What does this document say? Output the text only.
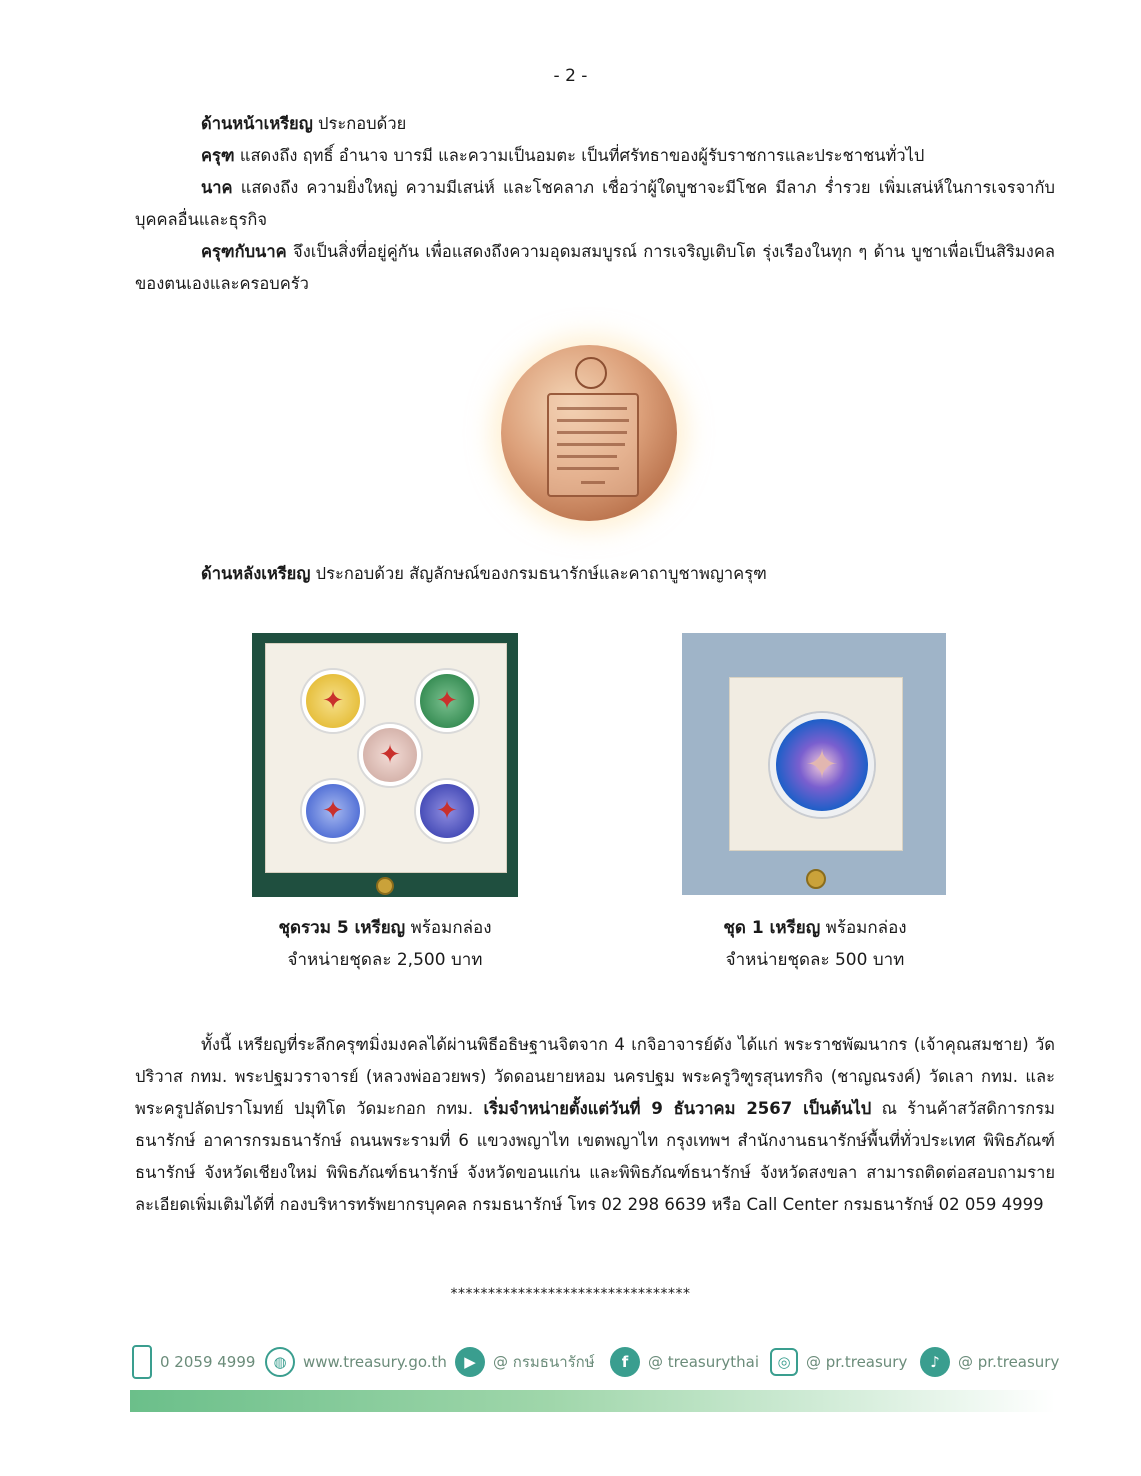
- 2 -
ด้านหน้าเหรียญ ประกอบด้วย
ครุฑ แสดงถึง ฤทธิ์ อำนาจ บารมี และความเป็นอมตะ เป็นที่ศรัทธาของผู้รับราชการและประชาชนทั่วไป
นาค แสดงถึง ความยิ่งใหญ่ ความมีเสน่ห์ และโชคลาภ เชื่อว่าผู้ใดบูชาจะมีโชค มีลาภ ร่ำรวย เพิ่มเสน่ห์ในการเจรจากับบุคคลอื่นและธุรกิจ
ครุฑกับนาค จึงเป็นสิ่งที่อยู่คู่กัน เพื่อแสดงถึงความอุดมสมบูรณ์ การเจริญเติบโต รุ่งเรืองในทุก ๆ ด้าน บูชาเพื่อเป็นสิริมงคลของตนเองและครอบครัว
ด้านหลังเหรียญ ประกอบด้วย สัญลักษณ์ของกรมธนารักษ์และคาถาบูชาพญาครุฑ
✦	✦
✦
✦	✦
✦
ชุดรวม 5 เหรียญ พร้อมกล่อง
จำหน่ายชุดละ 2,500 บาท
ชุด 1 เหรียญ พร้อมกล่อง
จำหน่ายชุดละ 500 บาท
ทั้งนี้ เหรียญที่ระลึกครุฑมิ่งมงคลได้ผ่านพิธีอธิษฐานจิตจาก 4 เกจิอาจารย์ดัง ได้แก่ พระราชพัฒนากร (เจ้าคุณสมชาย) วัดปริวาส กทม. พระปฐมวราจารย์ (หลวงพ่ออวยพร) วัดดอนยายหอม นครปฐม พระครูวิฑูรสุนทรกิจ (ชาญณรงค์) วัดเลา กทม. และพระครูปลัดปราโมทย์ ปมุทิโต วัดมะกอก กทม. เริ่มจำหน่ายตั้งแต่วันที่ 9 ธันวาคม 2567 เป็นต้นไป ณ ร้านค้าสวัสดิการกรมธนารักษ์ อาคารกรมธนารักษ์ ถนนพระรามที่ 6 แขวงพญาไท เขตพญาไท กรุงเทพฯ สำนักงานธนารักษ์พื้นที่ทั่วประเทศ พิพิธภัณฑ์ธนารักษ์ จังหวัดเชียงใหม่ พิพิธภัณฑ์ธนารักษ์ จังหวัดขอนแก่น และพิพิธภัณฑ์ธนารักษ์ จังหวัดสงขลา สามารถติดต่อสอบถามรายละเอียดเพิ่มเติมได้ที่ กองบริหารทรัพยากรบุคคล กรมธนารักษ์ โทร 02 298 6639 หรือ Call Center กรมธนารักษ์ 02 059 4999
********************************
0 2059 4999	◍	www.treasury.go.th	▶	@ กรมธนารักษ์	f	@ treasurythai	◎	@ pr.treasury	♪	@ pr.treasury
